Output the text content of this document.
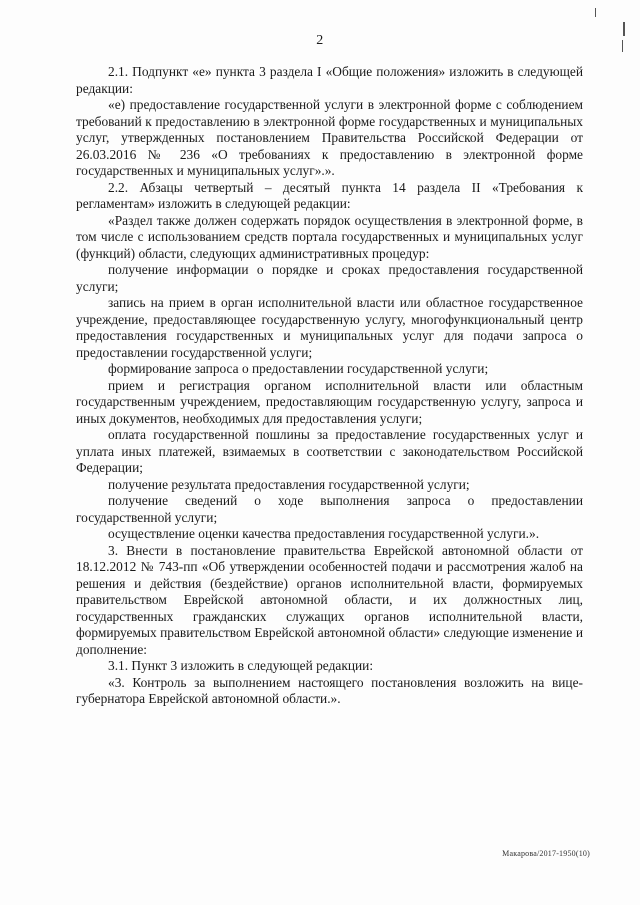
2

2.1. Подпункт «е» пункта 3 раздела I «Общие положения» изложить в следующей редакции:

«е) предоставление государственной услуги в электронной форме с соблюдением требований к предоставлению в электронной форме государственных и муниципальных услуг, утвержденных постановлением Правительства Российской Федерации от 26.03.2016 № 236 «О требованиях к предоставлению в электронной форме государственных и муниципальных услуг».».

2.2. Абзацы четвертый – десятый пункта 14 раздела II «Требования к регламентам» изложить в следующей редакции:

«Раздел также должен содержать порядок осуществления в электронной форме, в том числе с использованием средств портала государственных и муниципальных услуг (функций) области, следующих административных процедур:

получение информации о порядке и сроках предоставления государственной услуги;

запись на прием в орган исполнительной власти или областное государственное учреждение, предоставляющее государственную услугу, многофункциональный центр предоставления государственных и муниципальных услуг для подачи запроса о предоставлении государственной услуги;

формирование запроса о предоставлении государственной услуги;

прием и регистрация органом исполнительной власти или областным государственным учреждением, предоставляющим государственную услугу, запроса и иных документов, необходимых для предоставления услуги;

оплата государственной пошлины за предоставление государственных услуг и уплата иных платежей, взимаемых в соответствии с законодательством Российской Федерации;

получение результата предоставления государственной услуги;

получение сведений о ходе выполнения запроса о предоставлении государственной услуги;

осуществление оценки качества предоставления государственной услуги.».

3. Внести в постановление правительства Еврейской автономной области от 18.12.2012 № 743-пп «Об утверждении особенностей подачи и рассмотрения жалоб на решения и действия (бездействие) органов исполнительной власти, формируемых правительством Еврейской автономной области, и их должностных лиц, государственных гражданских служащих органов исполнительной власти, формируемых правительством Еврейской автономной области» следующие изменение и дополнение:

3.1. Пункт 3 изложить в следующей редакции:

«3. Контроль за выполнением настоящего постановления возложить на вице-губернатора Еврейской автономной области.».

Макарова/2017-1950(10)
